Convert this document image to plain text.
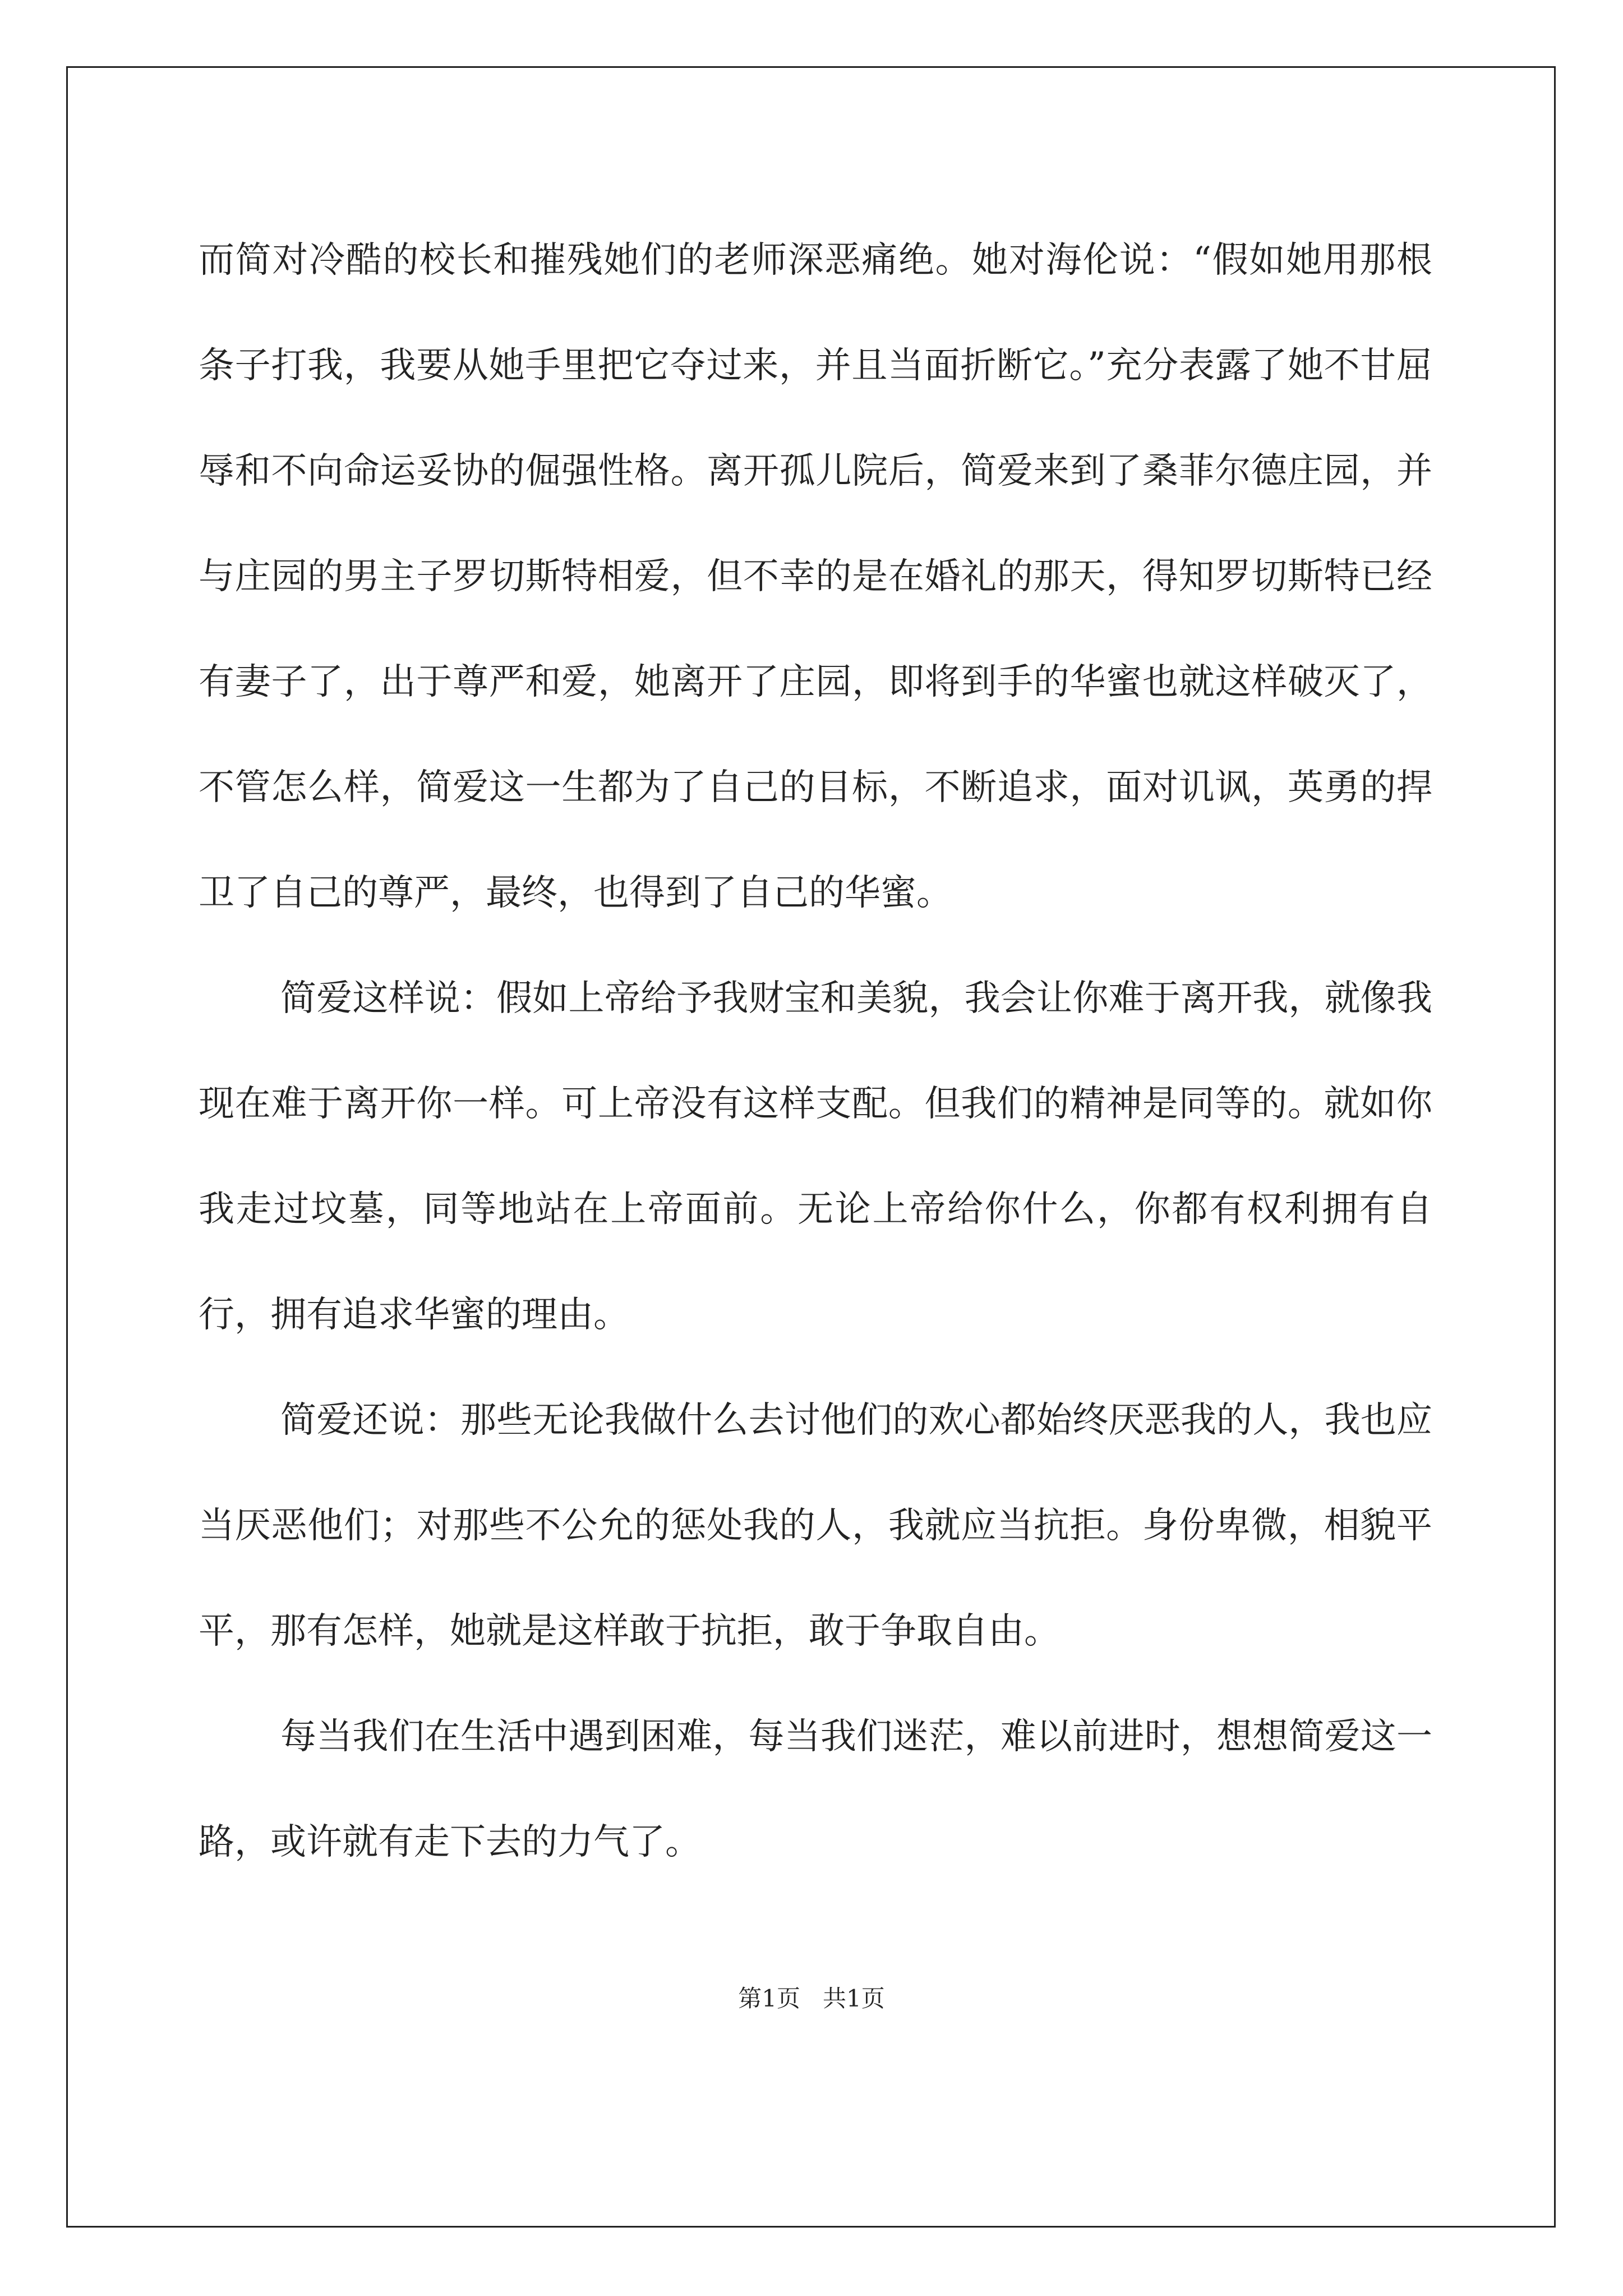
而简对冷酷的校长和摧残她们的老师深恶痛绝。她对海伦说：“假如她用那根条子打我，我要从她手里把它夺过来，并且当面折断它。”充分表露了她不甘屈辱和不向命运妥协的倔强性格。离开孤儿院后，简爱来到了桑菲尔德庄园，并与庄园的男主子罗切斯特相爱，但不幸的是在婚礼的那天，得知罗切斯特已经有妻子了，出于尊严和爱，她离开了庄园，即将到手的华蜜也就这样破灭了，不管怎么样，简爱这一生都为了自己的目标，不断追求，面对讥讽，英勇的捍卫了自己的尊严，最终，也得到了自己的华蜜。

简爱这样说：假如上帝给予我财宝和美貌，我会让你难于离开我，就像我现在难于离开你一样。可上帝没有这样支配。但我们的精神是同等的。就如你我走过坟墓，同等地站在上帝面前。无论上帝给你什么，你都有权利拥有自行，拥有追求华蜜的理由。

简爱还说：那些无论我做什么去讨他们的欢心都始终厌恶我的人，我也应当厌恶他们；对那些不公允的惩处我的人，我就应当抗拒。身份卑微，相貌平平，那有怎样，她就是这样敢于抗拒，敢于争取自由。

每当我们在生活中遇到困难，每当我们迷茫，难以前进时，想想简爱这一路，或许就有走下去的力气了。

第1页   共1页
